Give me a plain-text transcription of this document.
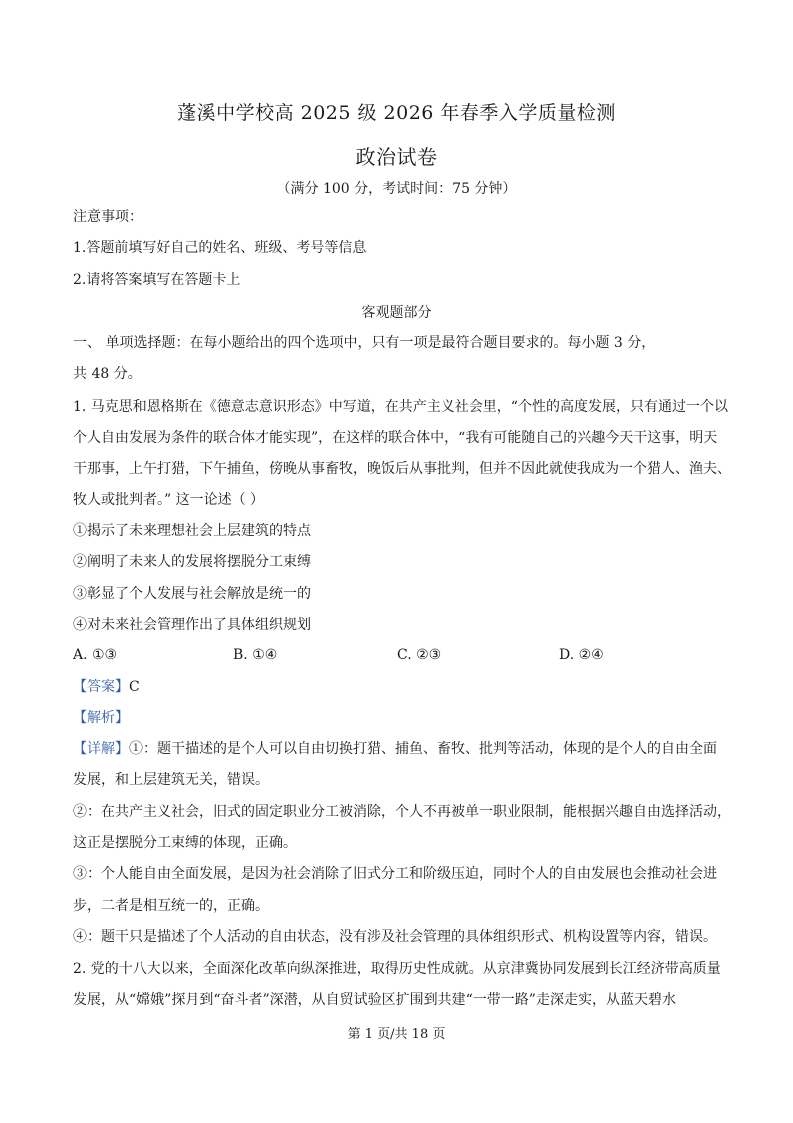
蓬溪中学校高 2025 级 2026 年春季入学质量检测
政治试卷
（满分 100 分，考试时间：75 分钟）
注意事项：
1.答题前填写好自己的姓名、班级、考号等信息
2.请将答案填写在答题卡上
客观题部分
一、 单项选择题：在每小题给出的四个选项中，只有一项是最符合题目要求的。每小题 3 分，
共 48 分。
1. 马克思和恩格斯在《德意志意识形态》中写道，在共产主义社会里，“个性的高度发展，只有通过一个以
个人自由发展为条件的联合体才能实现”，在这样的联合体中，“我有可能随自己的兴趣今天干这事，明天
干那事，上午打猎，下午捕鱼，傍晚从事畜牧，晚饭后从事批判，但并不因此就使我成为一个猎人、渔夫、
牧人或批判者。” 这一论述（ ）
①揭示了未来理想社会上层建筑的特点
②阐明了未来人的发展将摆脱分工束缚
③彰显了个人发展与社会解放是统一的
④对未来社会管理作出了具体组织规划
A. ①③	B. ①④	C. ②③	D. ②④
【答案】C
【解析】
【详解】①：题干描述的是个人可以自由切换打猎、捕鱼、畜牧、批判等活动，体现的是个人的自由全面
发展，和上层建筑无关，错误。
②：在共产主义社会，旧式的固定职业分工被消除，个人不再被单一职业限制，能根据兴趣自由选择活动，
这正是摆脱分工束缚的体现，正确。
③：个人能自由全面发展，是因为社会消除了旧式分工和阶级压迫，同时个人的自由发展也会推动社会进
步，二者是相互统一的，正确。
④：题干只是描述了个人活动的自由状态，没有涉及社会管理的具体组织形式、机构设置等内容，错误。
2. 党的十八大以来，全面深化改革向纵深推进，取得历史性成就。从京津冀协同发展到长江经济带高质量
发展，从“嫦娥”探月到“奋斗者”深潜，从自贸试验区扩围到共建“一带一路”走深走实，从蓝天碧水
第 1 页/共 18 页
